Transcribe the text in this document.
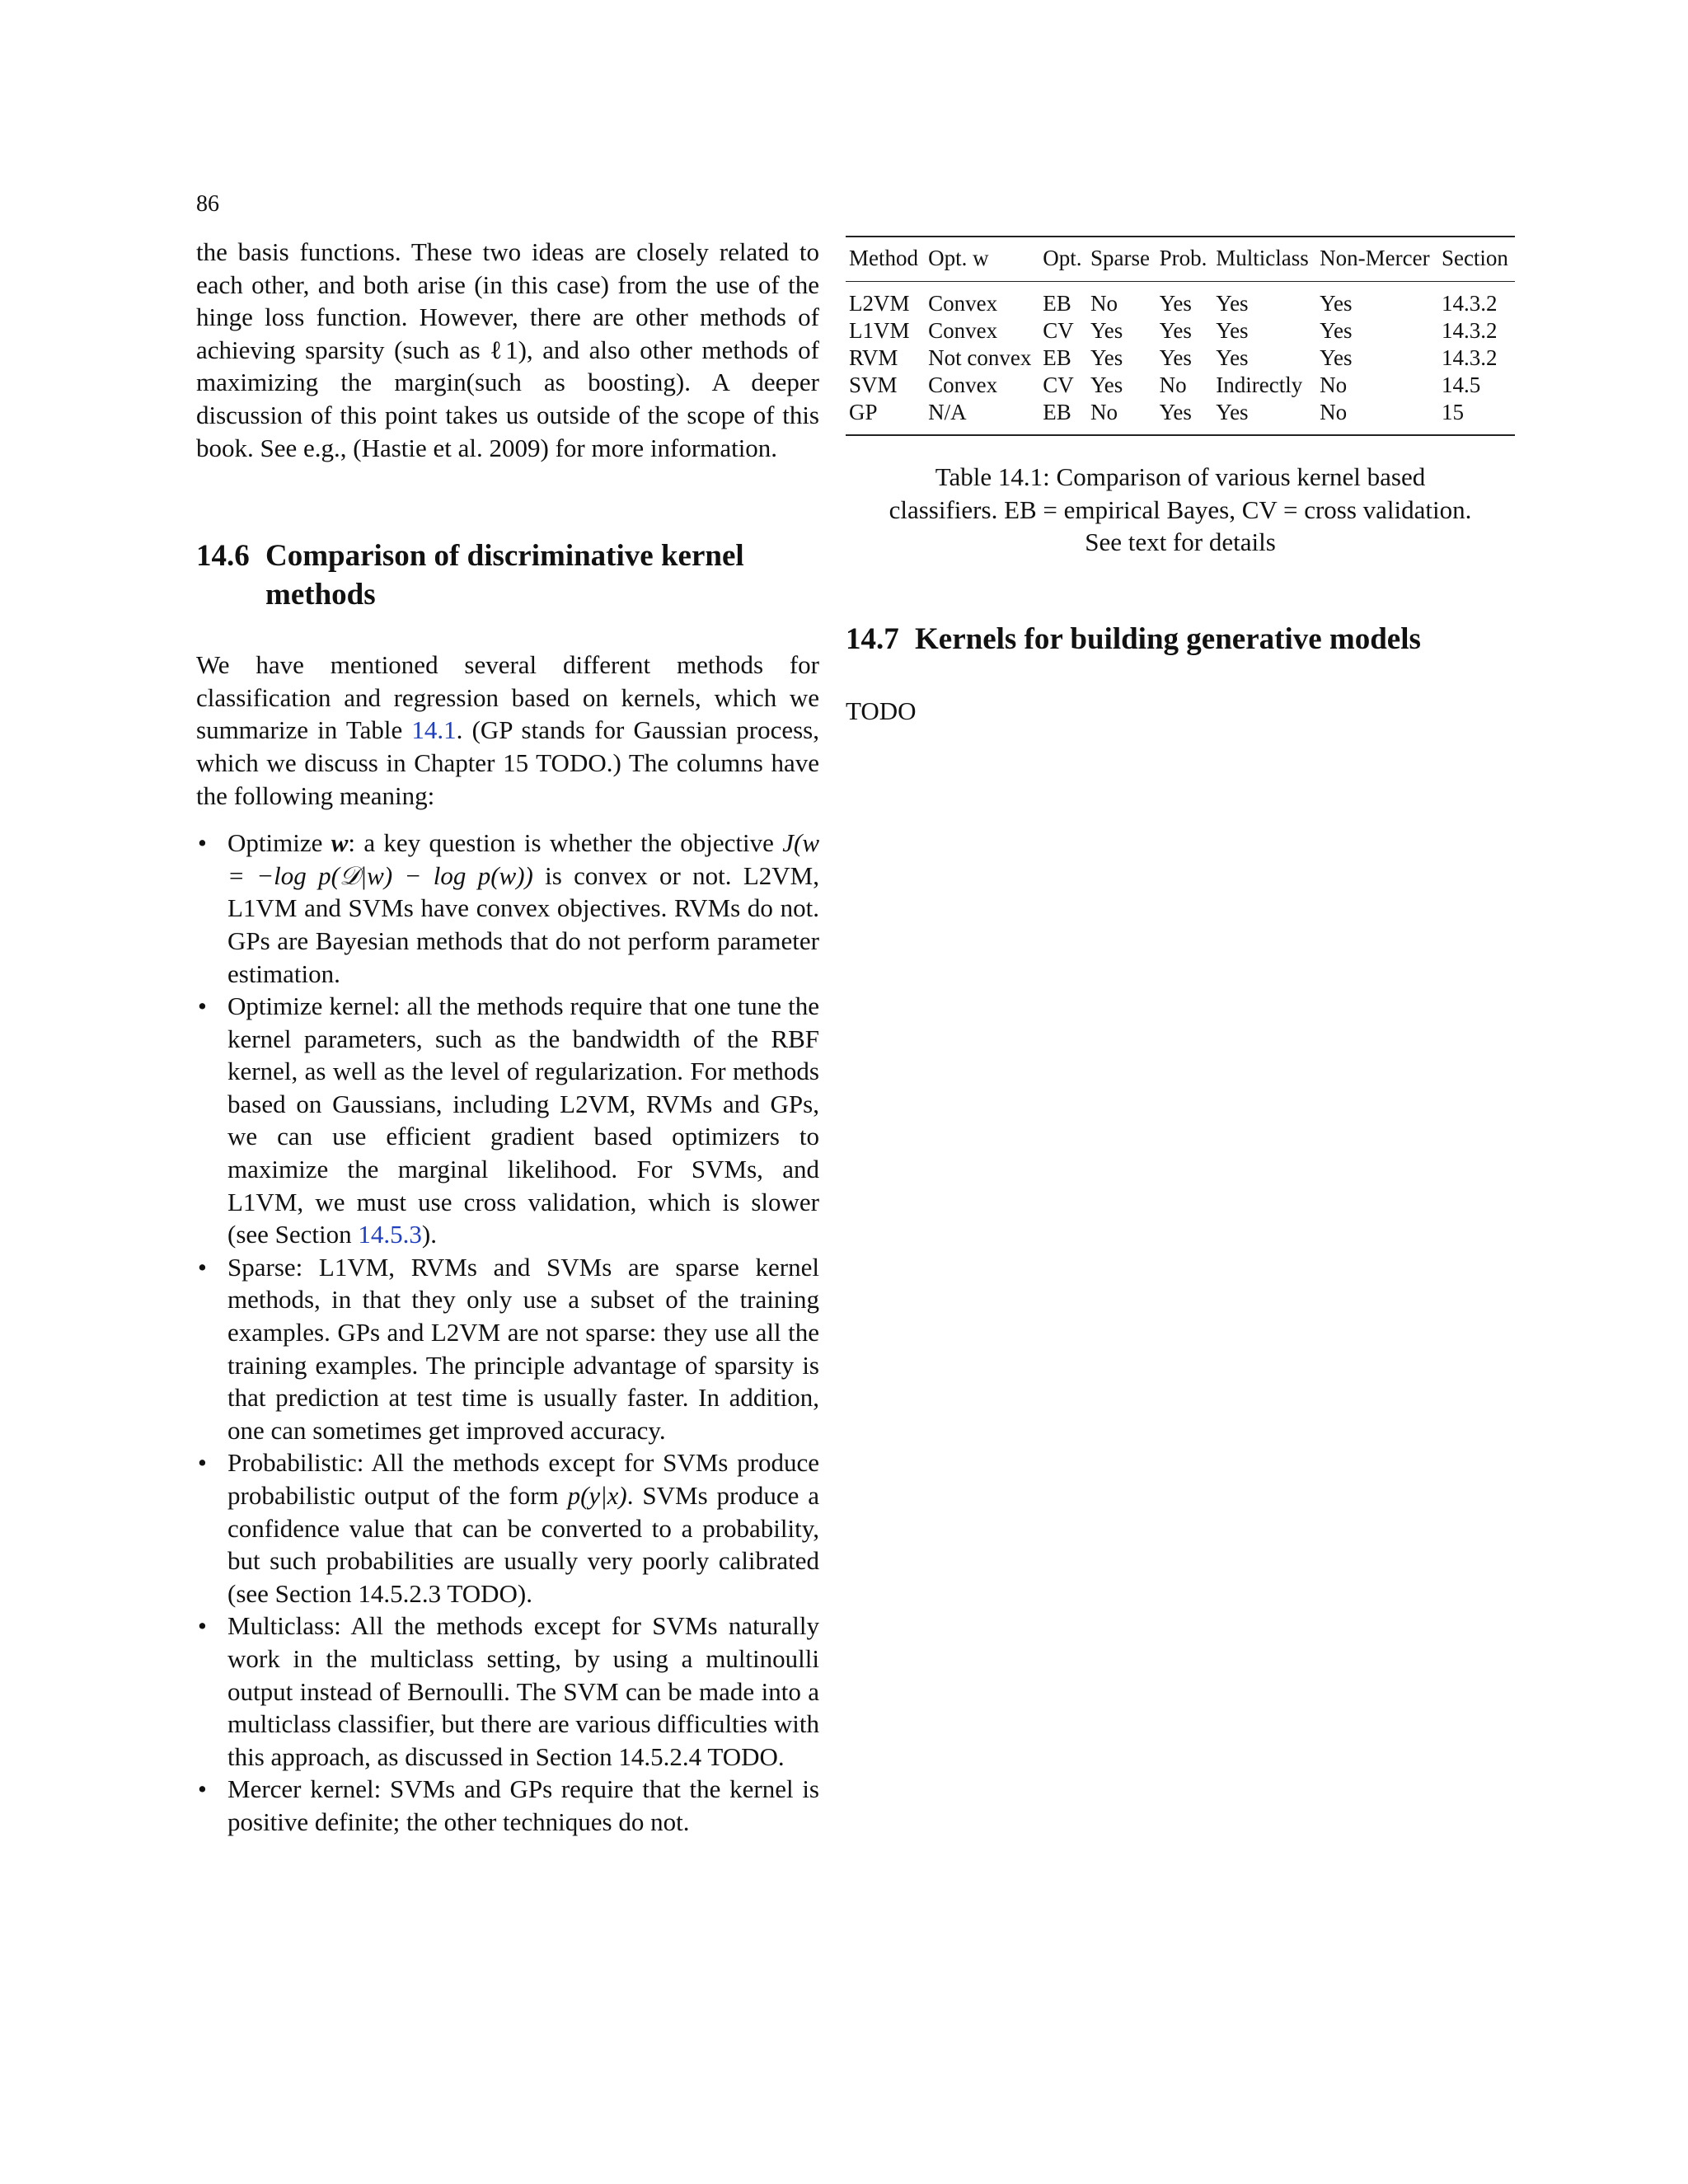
86

the basis functions. These two ideas are closely related to each other, and both arise (in this case) from the use of the hinge loss function. However, there are other methods of achieving sparsity (such as ℓ1), and also other methods of maximizing the margin(such as boosting). A deeper discussion of this point takes us outside of the scope of this book. See e.g., (Hastie et al. 2009) for more information.

14.6 Comparison of discriminative kernel
methods

We have mentioned several different methods for classification and regression based on kernels, which we summarize in Table 14.1. (GP stands for Gaussian process, which we discuss in Chapter 15 TODO.) The columns have the following meaning:

• Optimize w: a key question is whether the objective J(w = −log p(𝒟|w) − log p(w)) is convex or not. L2VM, L1VM and SVMs have convex objectives. RVMs do not. GPs are Bayesian methods that do not perform parameter estimation.
• Optimize kernel: all the methods require that one tune the kernel parameters, such as the bandwidth of the RBF kernel, as well as the level of regularization. For methods based on Gaussians, including L2VM, RVMs and GPs, we can use efficient gradient based optimizers to maximize the marginal likelihood. For SVMs, and L1VM, we must use cross validation, which is slower (see Section 14.5.3).
• Sparse: L1VM, RVMs and SVMs are sparse kernel methods, in that they only use a subset of the training examples. GPs and L2VM are not sparse: they use all the training examples. The principle advantage of sparsity is that prediction at test time is usually faster. In addition, one can sometimes get improved accuracy.
• Probabilistic: All the methods except for SVMs produce probabilistic output of the form p(y|x). SVMs produce a confidence value that can be converted to a probability, but such probabilities are usually very poorly calibrated (see Section 14.5.2.3 TODO).
• Multiclass: All the methods except for SVMs naturally work in the multiclass setting, by using a multinoulli output instead of Bernoulli. The SVM can be made into a multiclass classifier, but there are various difficulties with this approach, as discussed in Section 14.5.2.4 TODO.
• Mercer kernel: SVMs and GPs require that the kernel is positive definite; the other techniques do not.
Method	Opt. w	Opt.	Sparse	Prob.	Multiclass	Non-Mercer	Section
L2VM	Convex	EB	No	Yes	Yes	Yes	14.3.2
L1VM	Convex	CV	Yes	Yes	Yes	Yes	14.3.2
RVM	Not convex	EB	Yes	Yes	Yes	Yes	14.3.2
SVM	Convex	CV	Yes	No	Indirectly	No	14.5
GP	N/A	EB	No	Yes	Yes	No	15
Table 14.1: Comparison of various kernel based
classifiers. EB = empirical Bayes, CV = cross validation.
See text for details
14.7 Kernels for building generative models

TODO
